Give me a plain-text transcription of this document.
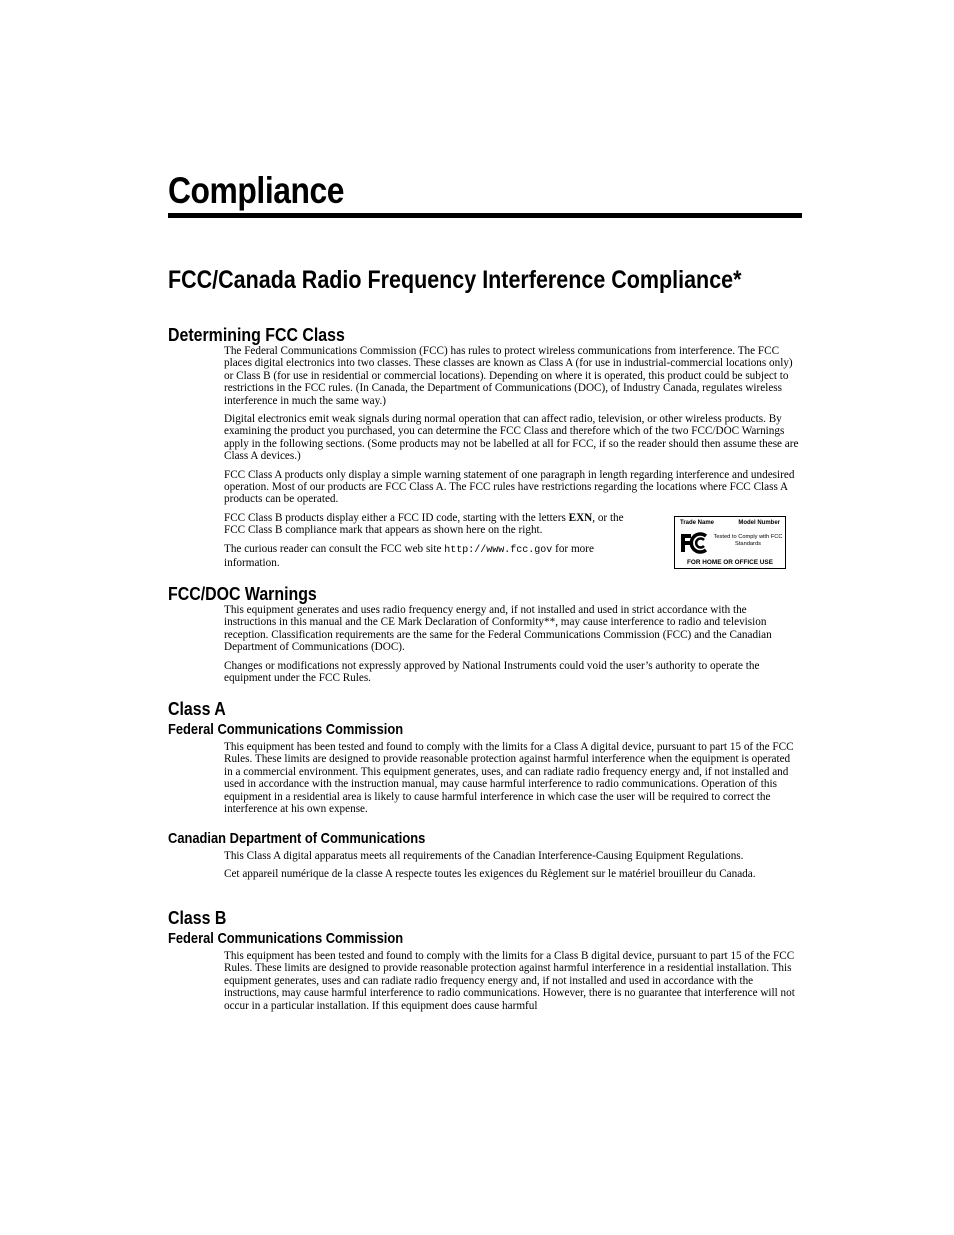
Compliance
FCC/Canada Radio Frequency Interference Compliance*
Determining FCC Class

The Federal Communications Commission (FCC) has rules to protect wireless communications from interference. The FCC places digital electronics into two classes. These classes are known as Class A (for use in industrial-commercial locations only) or Class B (for use in residential or commercial locations). Depending on where it is operated, this product could be subject to restrictions in the FCC rules. (In Canada, the Department of Communications (DOC), of Industry Canada, regulates wireless interference in much the same way.)

Digital electronics emit weak signals during normal operation that can affect radio, television, or other wireless products. By examining the product you purchased, you can determine the FCC Class and therefore which of the two FCC/DOC Warnings apply in the following sections. (Some products may not be labelled at all for FCC, if so the reader should then assume these are Class A devices.)

FCC Class A products only display a simple warning statement of one paragraph in length regarding interference and undesired operation. Most of our products are FCC Class A. The FCC rules have restrictions regarding the locations where FCC Class A products can be operated.

FCC Class B products display either a FCC ID code, starting with the letters EXN, or the FCC Class B compliance mark that appears as shown here on the right.

The curious reader can consult the FCC web site http://www.fcc.gov for more information.

Trade Name	Model Number
Tested to Comply with FCC Standards
FOR HOME OR OFFICE USE
FCC/DOC Warnings

This equipment generates and uses radio frequency energy and, if not installed and used in strict accordance with the instructions in this manual and the CE Mark Declaration of Conformity**, may cause interference to radio and television reception. Classification requirements are the same for the Federal Communications Commission (FCC) and the Canadian Department of Communications (DOC).

Changes or modifications not expressly approved by National Instruments could void the user’s authority to operate the equipment under the FCC Rules.

Class A
Federal Communications Commission

This equipment has been tested and found to comply with the limits for a Class A digital device, pursuant to part 15 of the FCC Rules. These limits are designed to provide reasonable protection against harmful interference when the equipment is operated in a commercial environment. This equipment generates, uses, and can radiate radio frequency energy and, if not installed and used in accordance with the instruction manual, may cause harmful interference to radio communications. Operation of this equipment in a residential area is likely to cause harmful interference in which case the user will be required to correct the interference at his own expense.

Canadian Department of Communications

This Class A digital apparatus meets all requirements of the Canadian Interference-Causing Equipment Regulations.

Cet appareil numérique de la classe A respecte toutes les exigences du Règlement sur le matériel brouilleur du Canada.

Class B
Federal Communications Commission

This equipment has been tested and found to comply with the limits for a Class B digital device, pursuant to part 15 of the FCC Rules. These limits are designed to provide reasonable protection against harmful interference in a residential installation. This equipment generates, uses and can radiate radio frequency energy and, if not installed and used in accordance with the instructions, may cause harmful interference to radio communications. However, there is no guarantee that interference will not occur in a particular installation. If this equipment does cause harmful
